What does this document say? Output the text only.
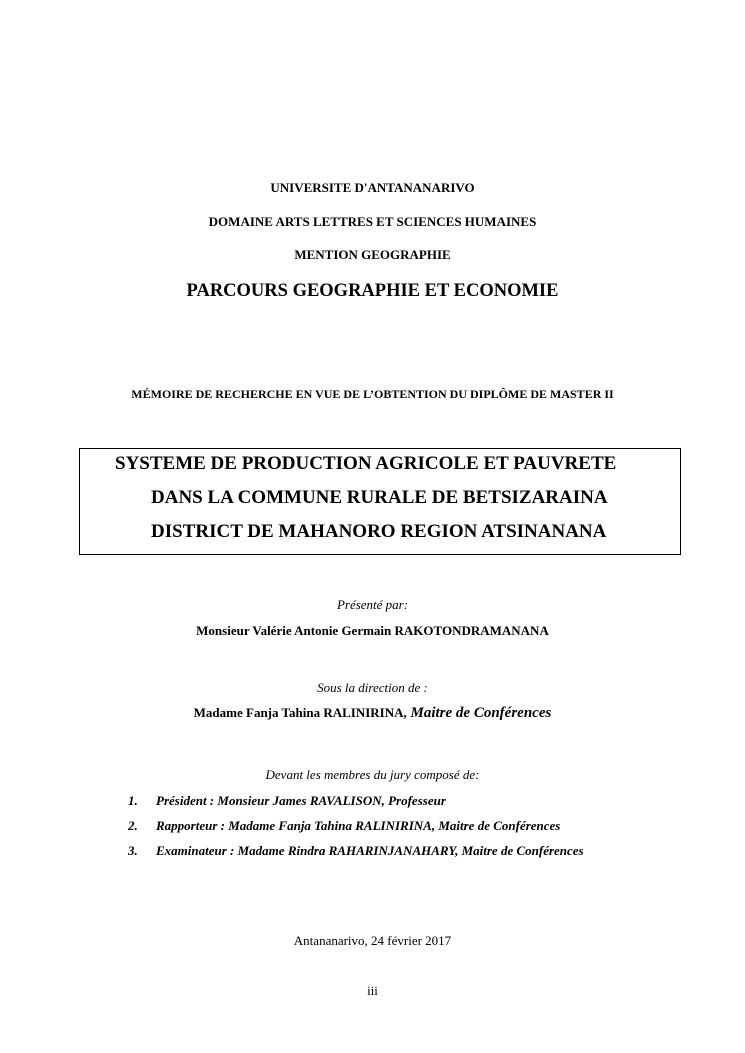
UNIVERSITE D'ANTANANARIVO
DOMAINE ARTS LETTRES ET SCIENCES HUMAINES
MENTION GEOGRAPHIE
PARCOURS GEOGRAPHIE ET ECONOMIE
MÉMOIRE DE RECHERCHE EN VUE DE L’OBTENTION DU DIPLÔME DE MASTER II
SYSTEME DE PRODUCTION AGRICOLE ET PAUVRETE
DANS LA COMMUNE RURALE DE BETSIZARAINA
DISTRICT DE MAHANORO REGION ATSINANANA
Présenté par:
Monsieur Valérie Antonie Germain RAKOTONDRAMANANA
Sous la direction de :
Madame Fanja Tahina RALINIRINA, Maitre de Conférences
Devant les membres du jury composé de:
1. Président : Monsieur James RAVALISON, Professeur
2. Rapporteur : Madame Fanja Tahina RALINIRINA, Maitre de Conférences
3. Examinateur : Madame Rindra RAHARINJANAHARY, Maitre de Conférences
Antananarivo, 24 février 2017
iii
